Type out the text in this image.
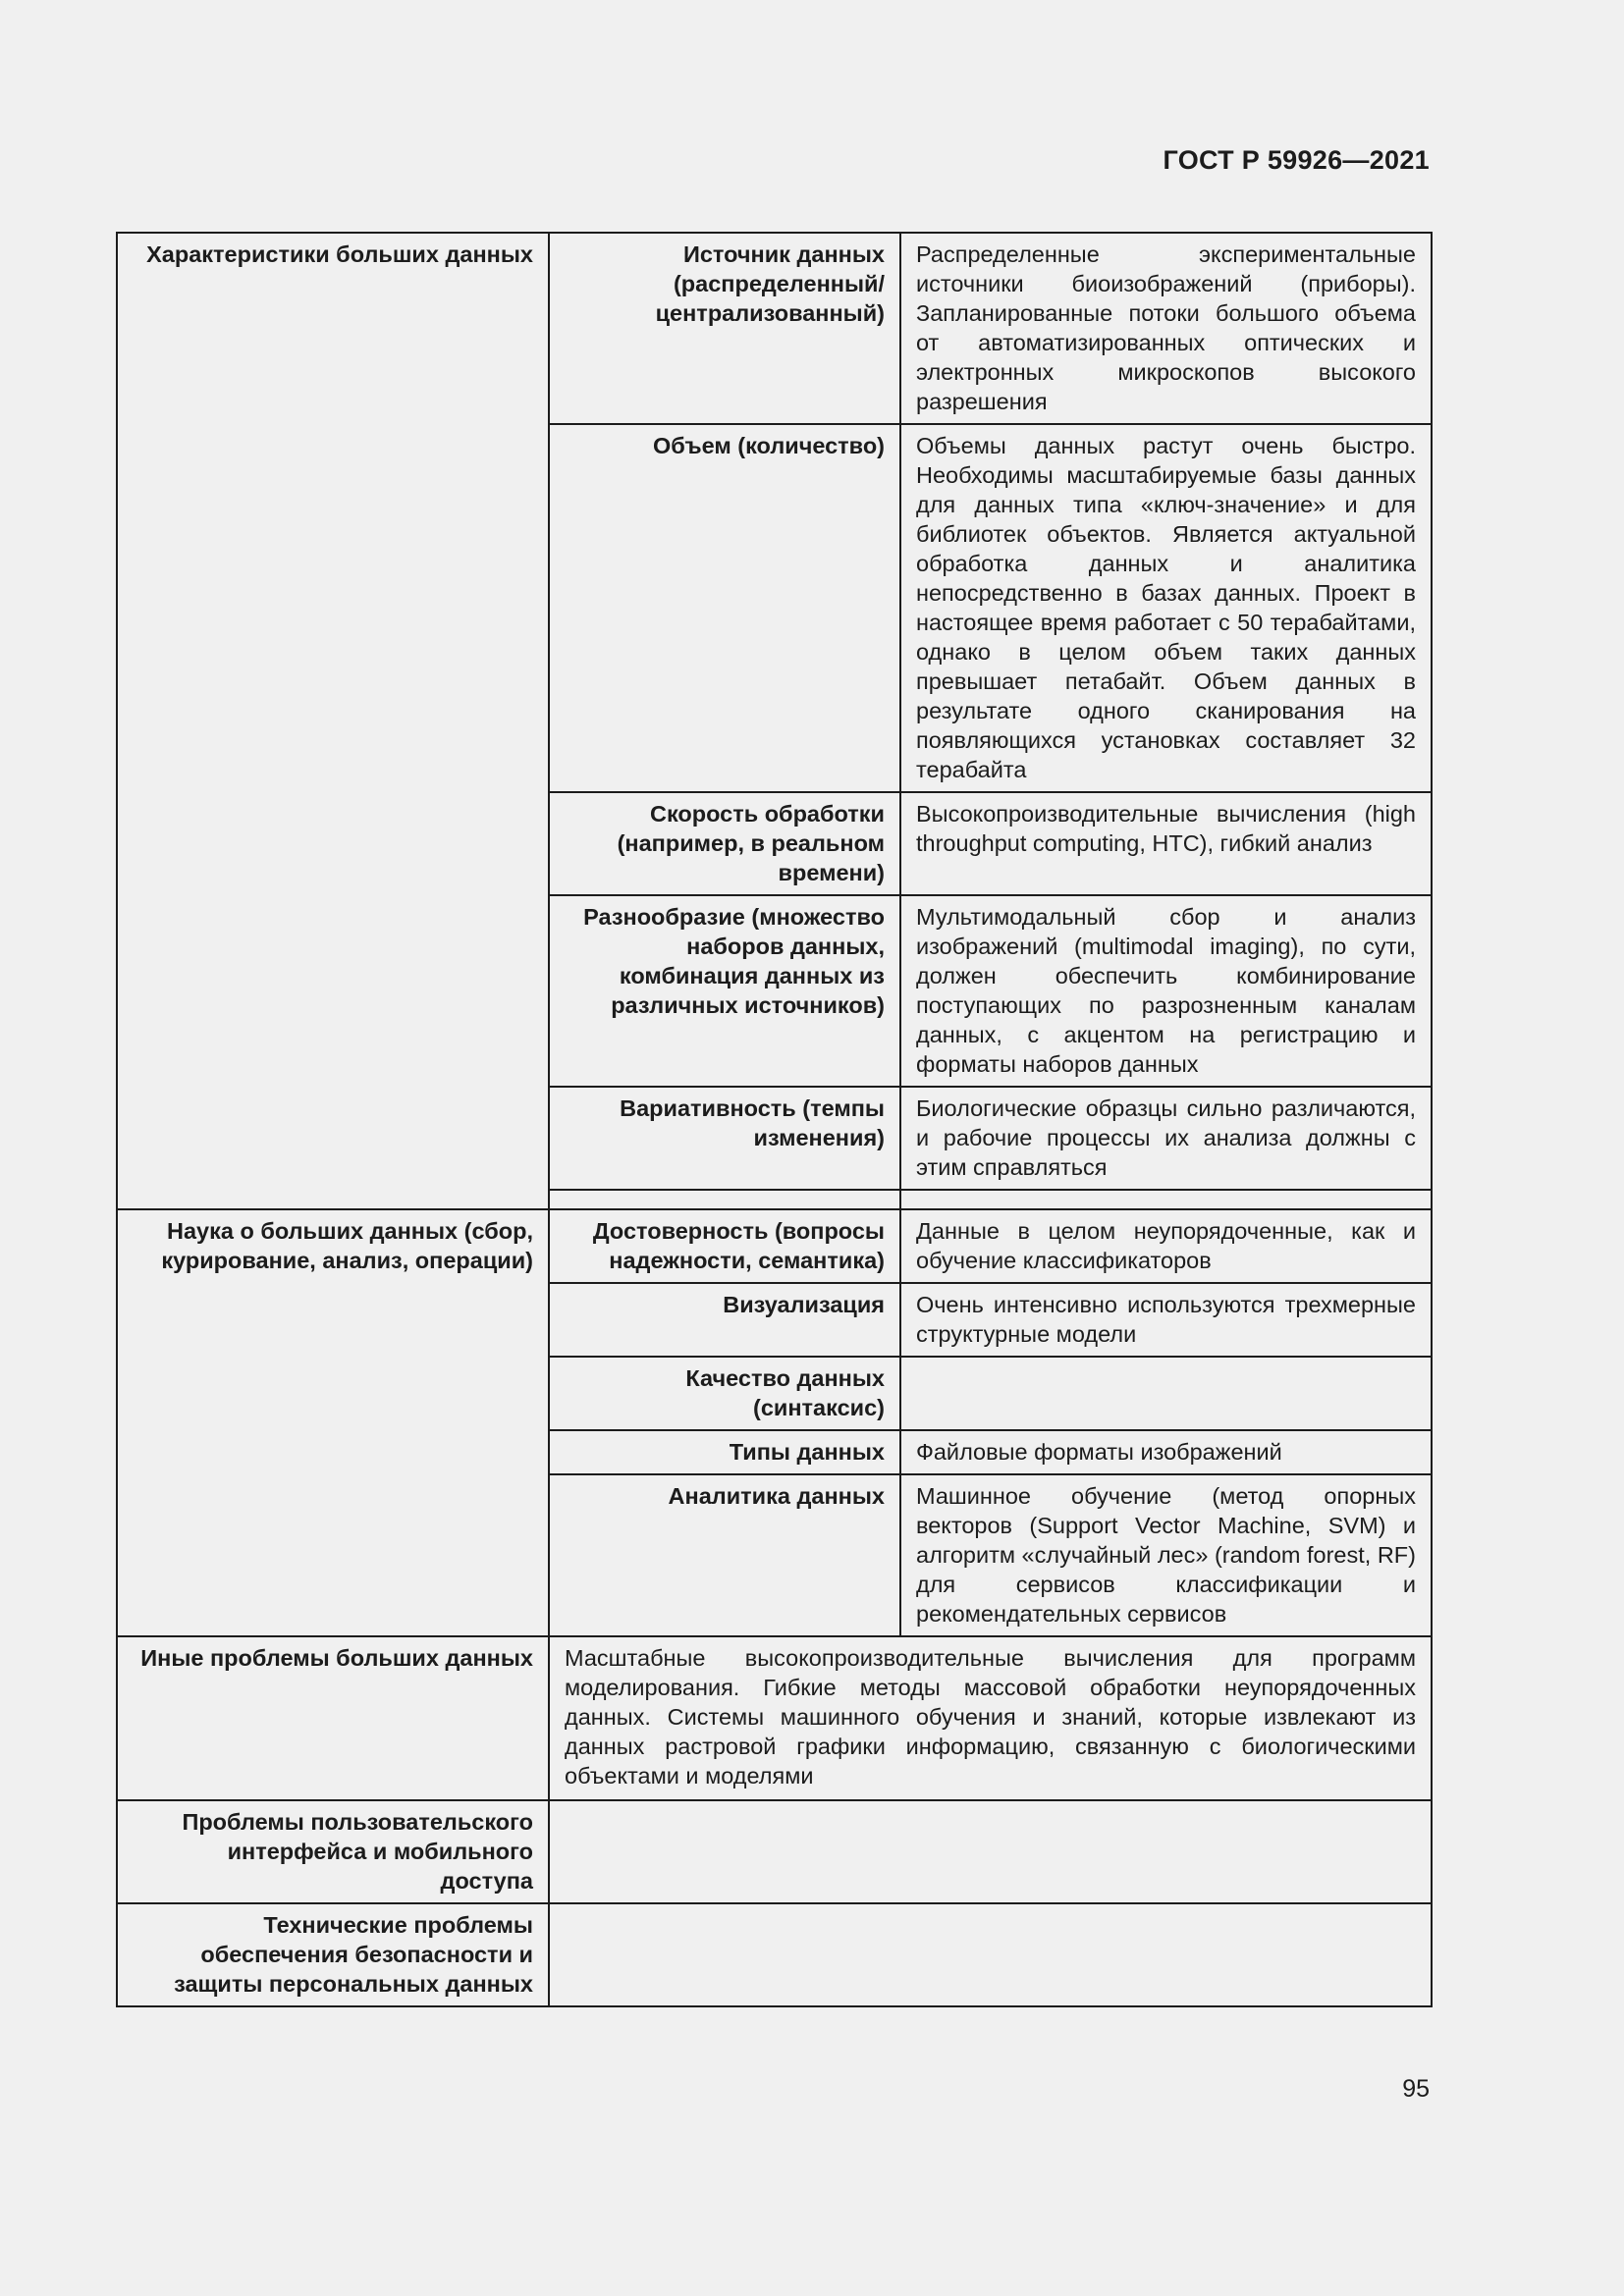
ГОСТ Р 59926—2021
Характеристики больших данных	Источник данных (распределенный/ централизованный)	Распределенные экспериментальные источники биоизображений (приборы). Запланированные потоки большого объема от автоматизированных оптических и электронных микроскопов высокого разрешения
	Объем (количество)	Объемы данных растут очень быстро. Необходимы масштабируемые базы данных для данных типа «ключ-значение» и для библиотек объектов. Является актуальной обработка данных и аналитика непосредственно в базах данных. Проект в настоящее время работает с 50 терабайтами, однако в целом объем таких данных превышает петабайт. Объем данных в результате одного сканирования на появляющихся установках составляет 32 терабайта
	Скорость обработки (например, в реальном времени)	Высокопроизводительные вычисления (high throughput computing, HTC), гибкий анализ
	Разнообразие (множество наборов данных, комбинация данных из различных источников)	Мультимодальный сбор и анализ изображений (multimodal imaging), по сути, должен обеспечить комбинирование поступающих по разрозненным каналам данных, с акцентом на регистрацию и форматы наборов данных
	Вариативность (темпы изменения)	Биологические образцы сильно различаются, и рабочие процессы их анализа должны с этим справляться

Наука о больших данных (сбор, курирование, анализ, операции)	Достоверность (вопросы надежности, семантика)	Данные в целом неупорядоченные, как и обучение классификаторов
	Визуализация	Очень интенсивно используются трехмерные структурные модели
	Качество данных (синтаксис)	
	Типы данных	Файловые форматы изображений
	Аналитика данных	Машинное обучение (метод опорных векторов (Support Vector Machine, SVM) и алгоритм «случайный лес» (random forest, RF) для сервисов классификации и рекомендательных сервисов
Иные проблемы больших данных	Масштабные высокопроизводительные вычисления для программ моделирования. Гибкие методы массовой обработки неупорядоченных данных. Системы машинного обучения и знаний, которые извлекают из данных растровой графики информацию, связанную с биологическими объектами и моделями	
Проблемы пользовательского интерфейса и мобильного доступа		
Технические проблемы обеспечения безопасности и защиты персональных данных		
95
